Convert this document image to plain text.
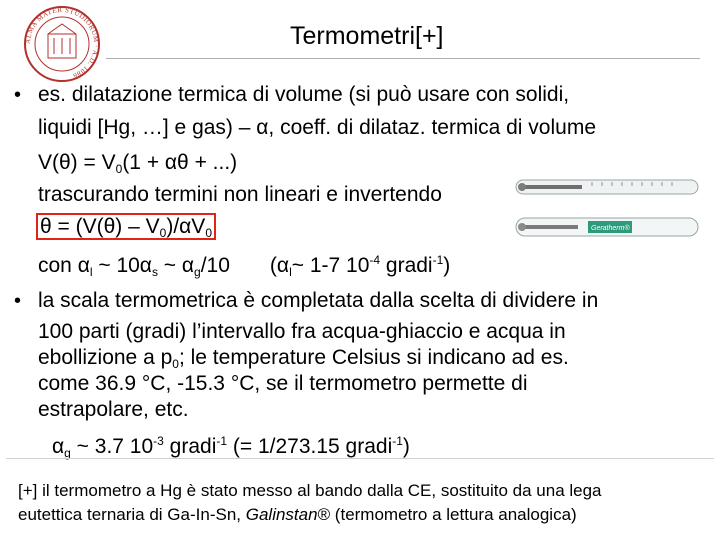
ALMA MATER STUDIORUM · A.D. 1088
Termometri[+]
• es. dilatazione termica di volume (si può usare con solidi,
liquidi [Hg, …] e gas) – α, coeff. di dilataz. termica di volume
$V(\theta) = V_0(1 + \alpha\theta$ + ...)
trascurando termini non lineari e invertendo
$\theta = (V(\theta) - V_0)/\alpha V_0$
con $\alpha_l$ ~ $10\alpha_s$ ~ $\alpha_g/10$ ($\alpha_l\sim$ 1-7 $10^{-4}$ gradi$^{-1}$)
• la scala termometrica è completata dalla scelta di dividere in
100 parti (gradi) l’intervallo fra acqua-ghiaccio e acqua in
ebollizione a $p_0$; le temperature Celsius si indicano ad es.
come 36.9 °C, -15.3 °C, se il termometro permette di
estrapolare, etc.
$\alpha_g$ ~ 3.7 $10^{-3}$ gradi$^{-1}$ (= 1/273.15 gradi$^{-1}$)
[+] il termometro a Hg è stato messo al bando dalla CE, sostituito da una lega
eutettica ternaria di Ga-In-Sn, Galinstan® (termometro a lettura analogica)
Geratherm®
